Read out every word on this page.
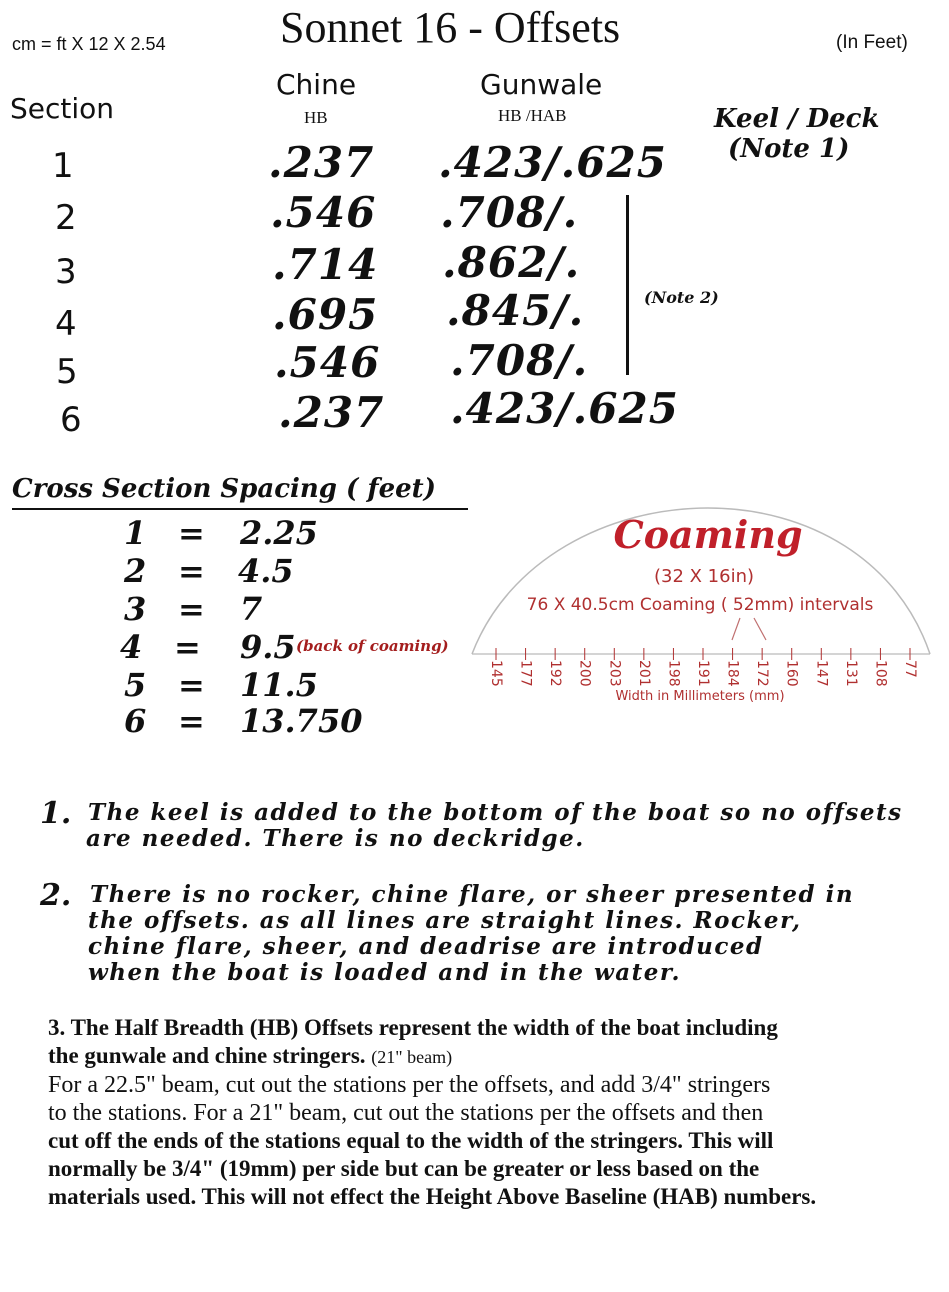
cm = ft X 12 X 2.54	Sonnet 16 - Offsets	(In Feet)
Section
Chine
HB
Gunwale
HB /HAB	Keel / Deck
(Note 1)
1	.237 .423/.625
2	.546 .708/.
3	.714 .862/.
4	.695 .845/.
5	.546 .708/.
6	.237 .423/.625
(Note 2)
Cross Section Spacing ( feet)
1 = 2.25
2 = 4.5
3 = 7
4 = 9.5 (back of coaming)
5 = 11.5
6 = 13.750
Coaming
(32 X 16in)
76 X 40.5cm Coaming ( 52mm) intervals
145 177 192 200 203 201 198 191 184 172 160 147 131 108 77
Width in Millimeters (mm)
1. The keel is added to the bottom of the boat so no offsets
are needed. There is no deckridge.
2. There is no rocker, chine flare, or sheer presented in
the offsets. as all lines are straight lines. Rocker,
chine flare, sheer, and deadrise are introduced
when the boat is loaded and in the water.
3. The Half Breadth (HB) Offsets represent the width of the boat including
the gunwale and chine stringers. (21" beam)
For a 22.5" beam, cut out the stations per the offsets, and add 3/4" stringers
to the stations. For a 21" beam, cut out the stations per the offsets and then
cut off the ends of the stations equal to the width of the stringers. This will
normally be 3/4" (19mm) per side but can be greater or less based on the
materials used. This will not effect the Height Above Baseline (HAB) numbers.
